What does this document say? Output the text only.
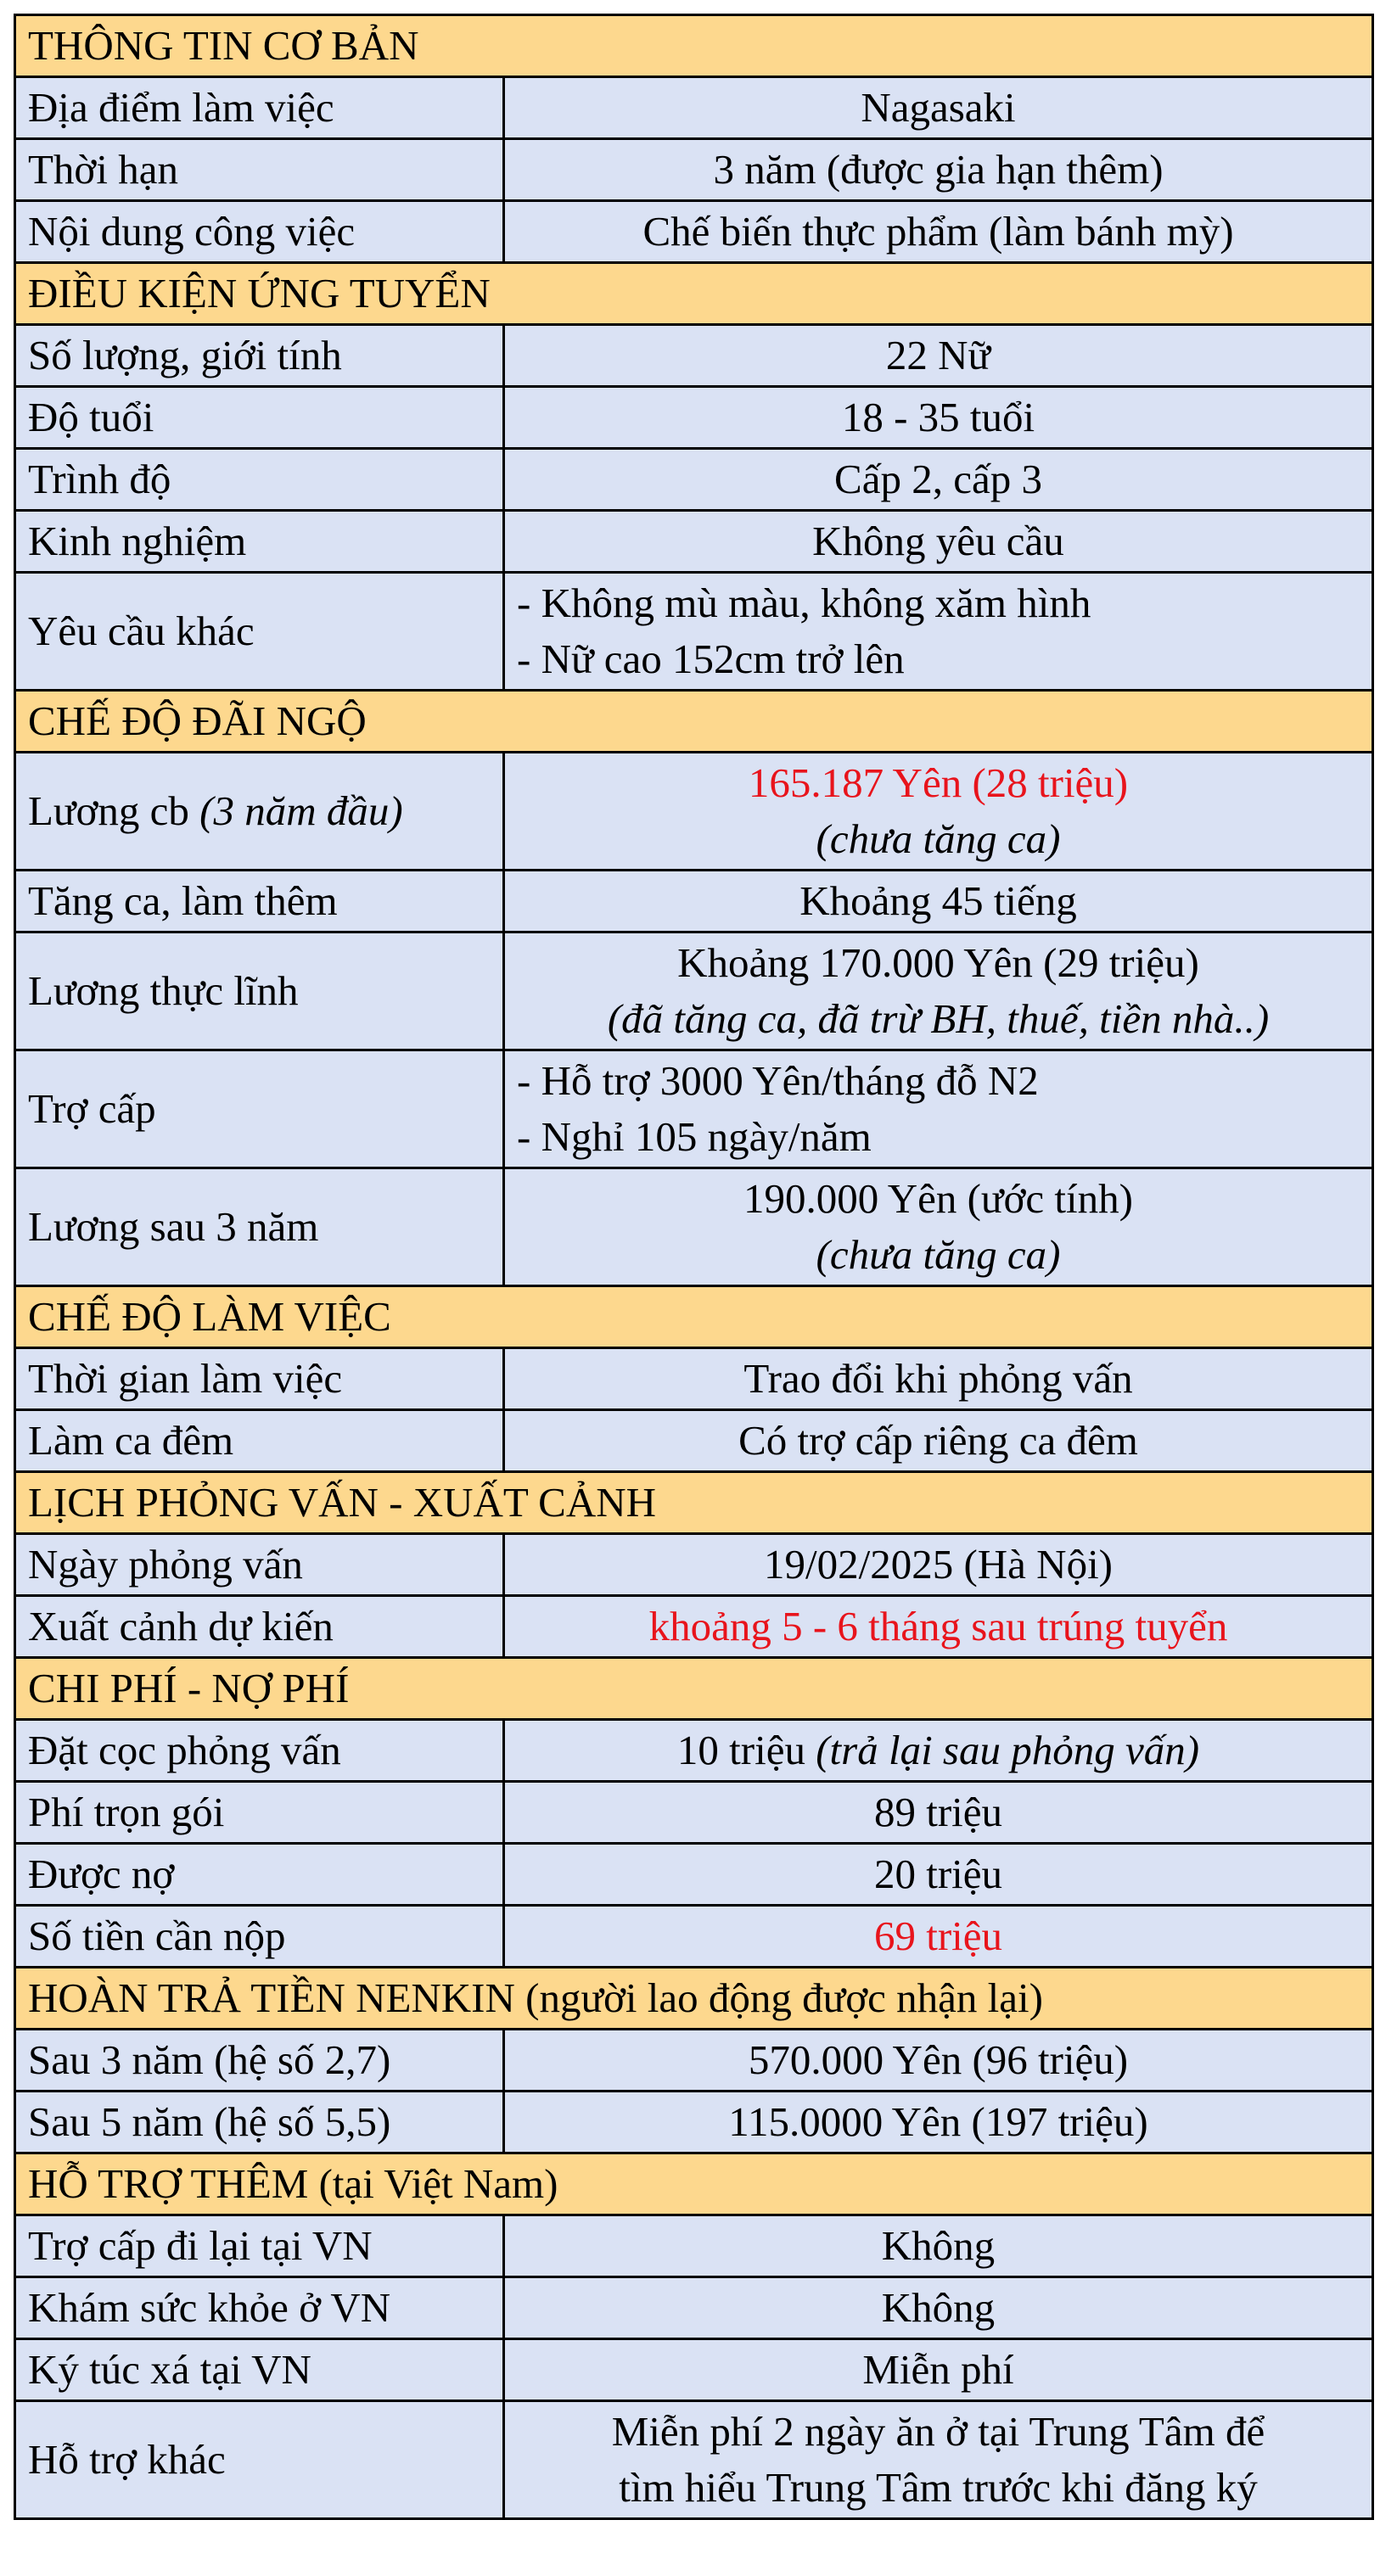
THÔNG TIN CƠ BẢN	
Địa điểm làm việc	Nagasaki
Thời hạn	3 năm (được gia hạn thêm)
Nội dung công việc	Chế biến thực phẩm (làm bánh mỳ)
ĐIỀU KIỆN ỨNG TUYỂN	
Số lượng, giới tính	22 Nữ
Độ tuổi	18 - 35 tuổi
Trình độ	Cấp 2, cấp 3
Kinh nghiệm	Không yêu cầu
Yêu cầu khác	- Không mù màu, không xăm hình
- Nữ cao 152cm trở lên

CHẾ ĐỘ ĐÃI NGỘ	
Lương cb (3 năm đầu)	165.187 Yên (28 triệu)
(chưa tăng ca)

Tăng ca, làm thêm	Khoảng 45 tiếng
Lương thực lĩnh	Khoảng 170.000 Yên (29 triệu)
(đã tăng ca, đã trừ BH, thuế, tiền nhà..)

Trợ cấp	- Hỗ trợ 3000 Yên/tháng đỗ N2
- Nghỉ 105 ngày/năm

Lương sau 3 năm	190.000 Yên (ước tính)
(chưa tăng ca)

CHẾ ĐỘ LÀM VIỆC	
Thời gian làm việc	Trao đổi khi phỏng vấn
Làm ca đêm	Có trợ cấp riêng ca đêm
LỊCH PHỎNG VẤN - XUẤT CẢNH	
Ngày phỏng vấn	19/02/2025 (Hà Nội)
Xuất cảnh dự kiến	khoảng 5 - 6 tháng sau trúng tuyển
CHI PHÍ - NỢ PHÍ	
Đặt cọc phỏng vấn	10 triệu (trả lại sau phỏng vấn)
Phí trọn gói	89 triệu
Được nợ	20 triệu
Số tiền cần nộp	69 triệu
HOÀN TRẢ TIỀN NENKIN (người lao động được nhận lại)	
Sau 3 năm (hệ số 2,7)	570.000 Yên (96 triệu)
Sau 5 năm (hệ số 5,5)	115.0000 Yên (197 triệu)
HỖ TRỢ THÊM (tại Việt Nam)	
Trợ cấp đi lại tại VN	Không
Khám sức khỏe ở VN	Không
Ký túc xá tại VN	Miễn phí
Hỗ trợ khác	Miễn phí 2 ngày ăn ở tại Trung Tâm để
tìm hiểu Trung Tâm trước khi đăng ký
